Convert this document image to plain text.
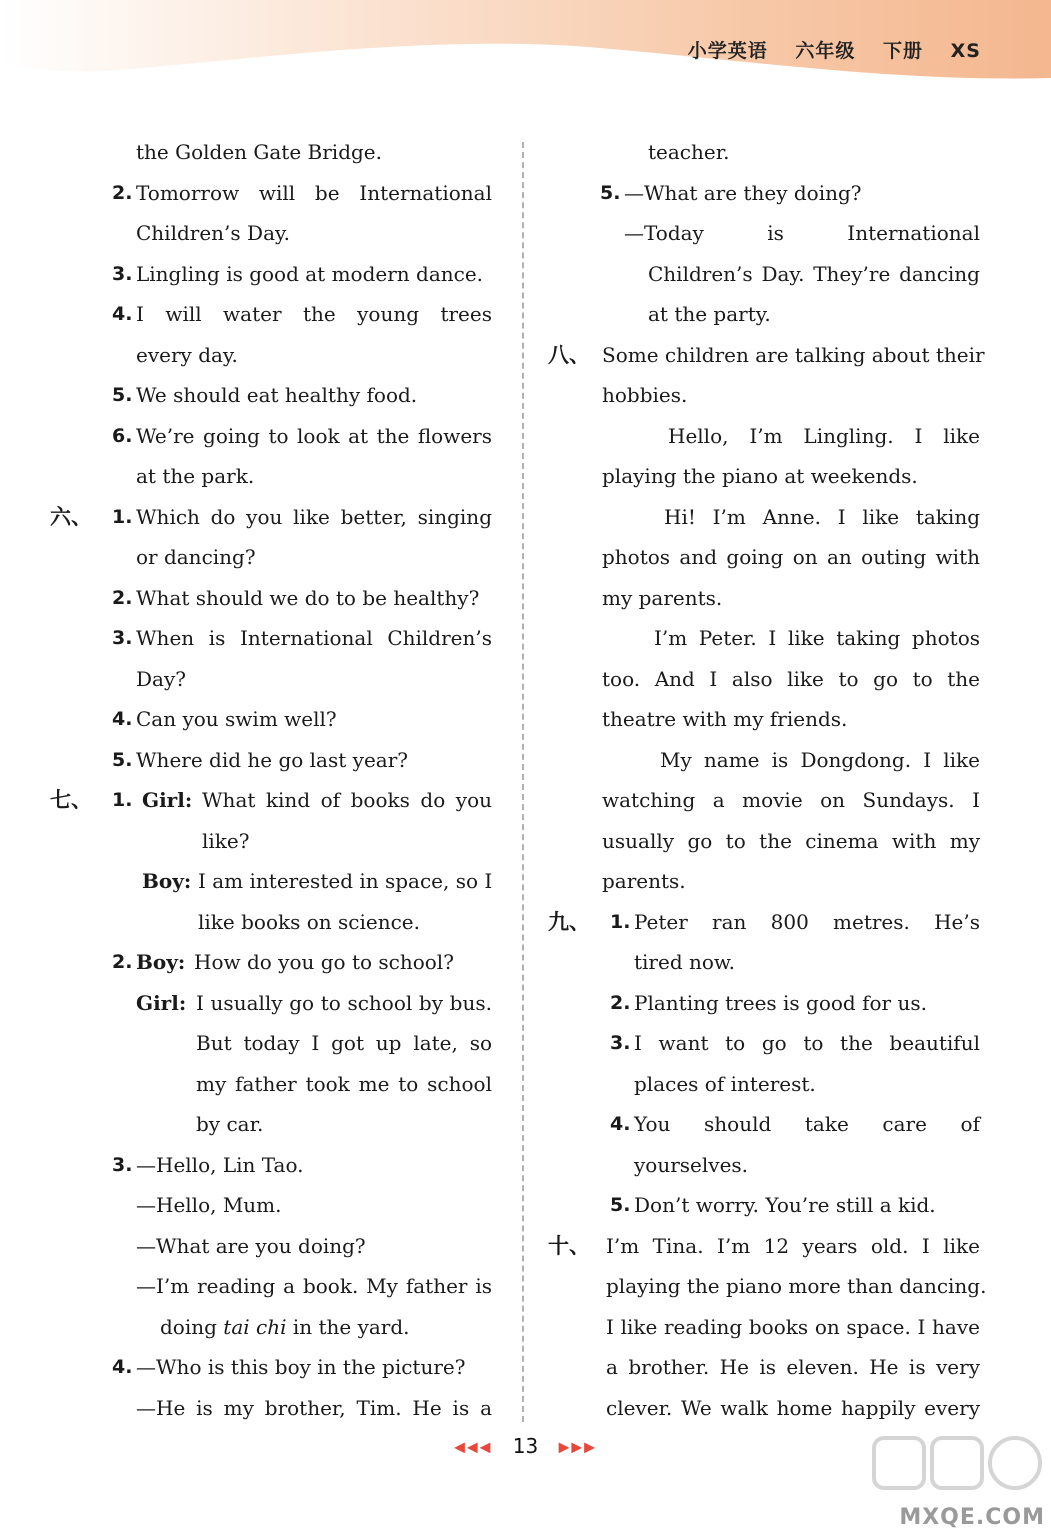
小学英语 六年级 下册 XS
the Golden Gate Bridge.
2. Tomorrow will be International
Children’s Day.
3. Lingling is good at modern dance.
4. I will water the young trees
every day.
5. We should eat healthy food.
6. We’re going to look at the flowers
at the park.
六、 1. Which do you like better, singing
or dancing?
2. What should we do to be healthy?
3. When is International Children’s
Day?
4. Can you swim well?
5. Where did he go last year?
七、 1. Girl: What kind of books do you
like?
Boy: I am interested in space, so I
like books on science.
2. Boy: How do you go to school?
Girl: I usually go to school by bus.
But today I got up late, so
my father took me to school
by car.
3. —Hello, Lin Tao.
—Hello, Mum.
—What are you doing?
—I’m reading a book. My father is
doing tai chi in the yard.
4. —Who is this boy in the picture?
—He is my brother, Tim. He is a
teacher.
5. —What are they doing?
—Today is International
Children’s Day. They’re dancing
at the party.
八、 Some children are talking about their
hobbies.
Hello, I’m Lingling. I like
playing the piano at weekends.
Hi! I’m Anne. I like taking
photos and going on an outing with
my parents.
I’m Peter. I like taking photos
too. And I also like to go to the
theatre with my friends.
My name is Dongdong. I like
watching a movie on Sundays. I
usually go to the cinema with my
parents.
九、 1. Peter ran 800 metres. He’s
tired now.
2. Planting trees is good for us.
3. I want to go to the beautiful
places of interest.
4. You should take care of
yourselves.
5. Don’t worry. You’re still a kid.
十、 I’m Tina. I’m 12 years old. I like
playing the piano more than dancing.
I like reading books on space. I have
a brother. He is eleven. He is very
clever. We walk home happily every
◀◀◀ 13 ▶▶▶
MXQE.COM
